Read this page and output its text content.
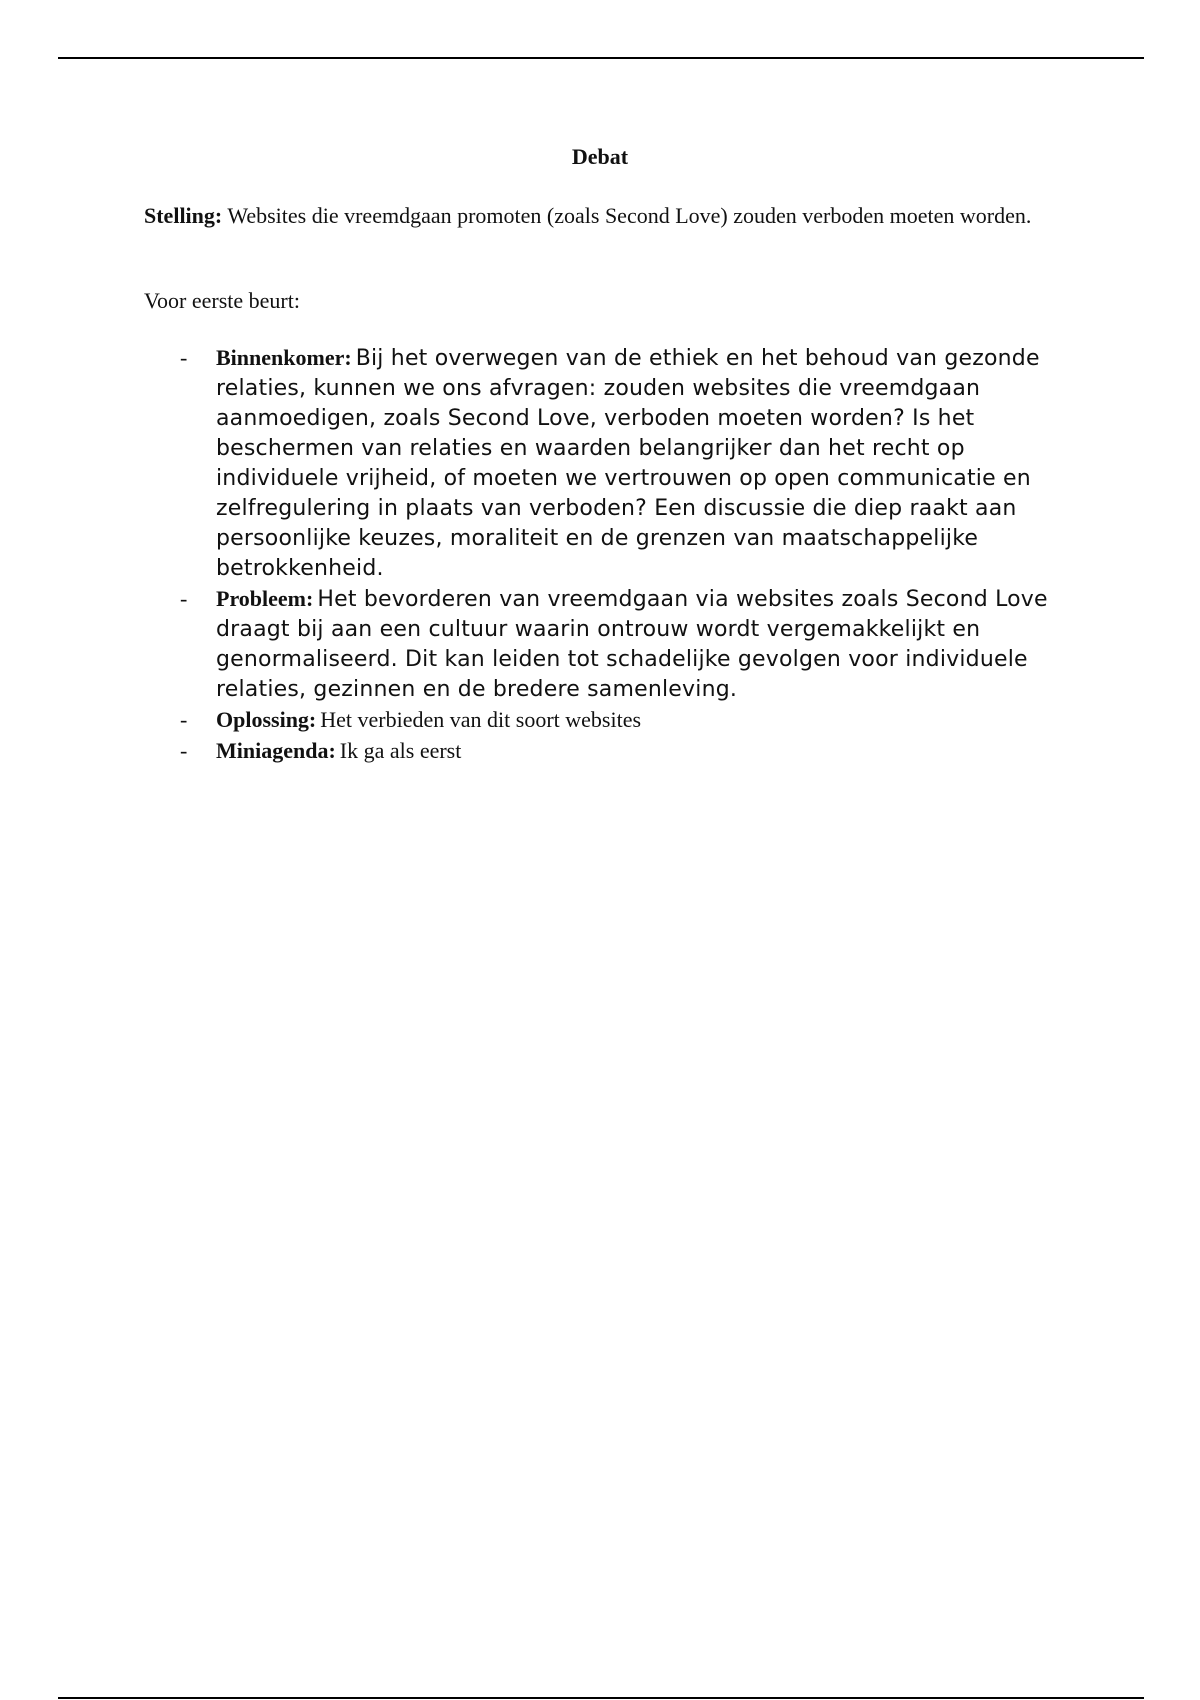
Debat
Stelling: Websites die vreemdgaan promoten (zoals Second Love) zouden verboden moeten worden.
Voor eerste beurt:
- Binnenkomer: Bij het overwegen van de ethiek en het behoud van gezonde relaties, kunnen we ons afvragen: zouden websites die vreemdgaan aanmoedigen, zoals Second Love, verboden moeten worden? Is het beschermen van relaties en waarden belangrijker dan het recht op individuele vrijheid, of moeten we vertrouwen op open communicatie en zelfregulering in plaats van verboden? Een discussie die diep raakt aan persoonlijke keuzes, moraliteit en de grenzen van maatschappelijke betrokkenheid.
- Probleem: Het bevorderen van vreemdgaan via websites zoals Second Love draagt bij aan een cultuur waarin ontrouw wordt vergemakkelijkt en genormaliseerd. Dit kan leiden tot schadelijke gevolgen voor individuele relaties, gezinnen en de bredere samenleving.
- Oplossing: Het verbieden van dit soort websites
- Miniagenda: Ik ga als eerst
